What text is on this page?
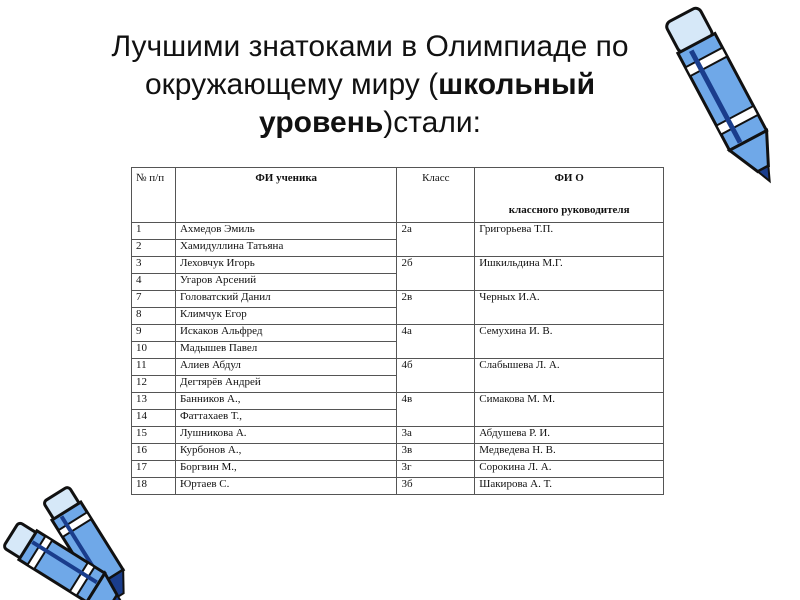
Лучшими знатоками в Олимпиаде по окружающему миру (школьный уровень)стали:
№ п/п	ФИ ученика	Класс	ФИ О
классного руководителя

1	Ахмедов Эмиль	2а	Григорьева Т.П.
2	Хамидуллина Татьяна		
3	Леховчук Игорь	2б	Ишкильдина М.Г.
4	Угаров Арсений		
7	Головатский Данил	2в	Черных И.А.
8	Климчук Егор		
9	Искаков Альфред	4а	Семухина И. В.
10	Мадышев Павел		
11	Алиев Абдул	4б	Слабышева Л. А.
12	Дегтярёв Андрей		
13	Банников А.,	4в	Симакова М. М.
14	Фаттахаев Т.,		
15	Лушникова А.	3а	Абдушева Р. И.
16	Курбонов А.,	3в	Медведева Н. В.
17	Боргвин М.,	3г	Сорокина Л. А.
18	Юртаев С.	3б	Шакирова А. Т.
